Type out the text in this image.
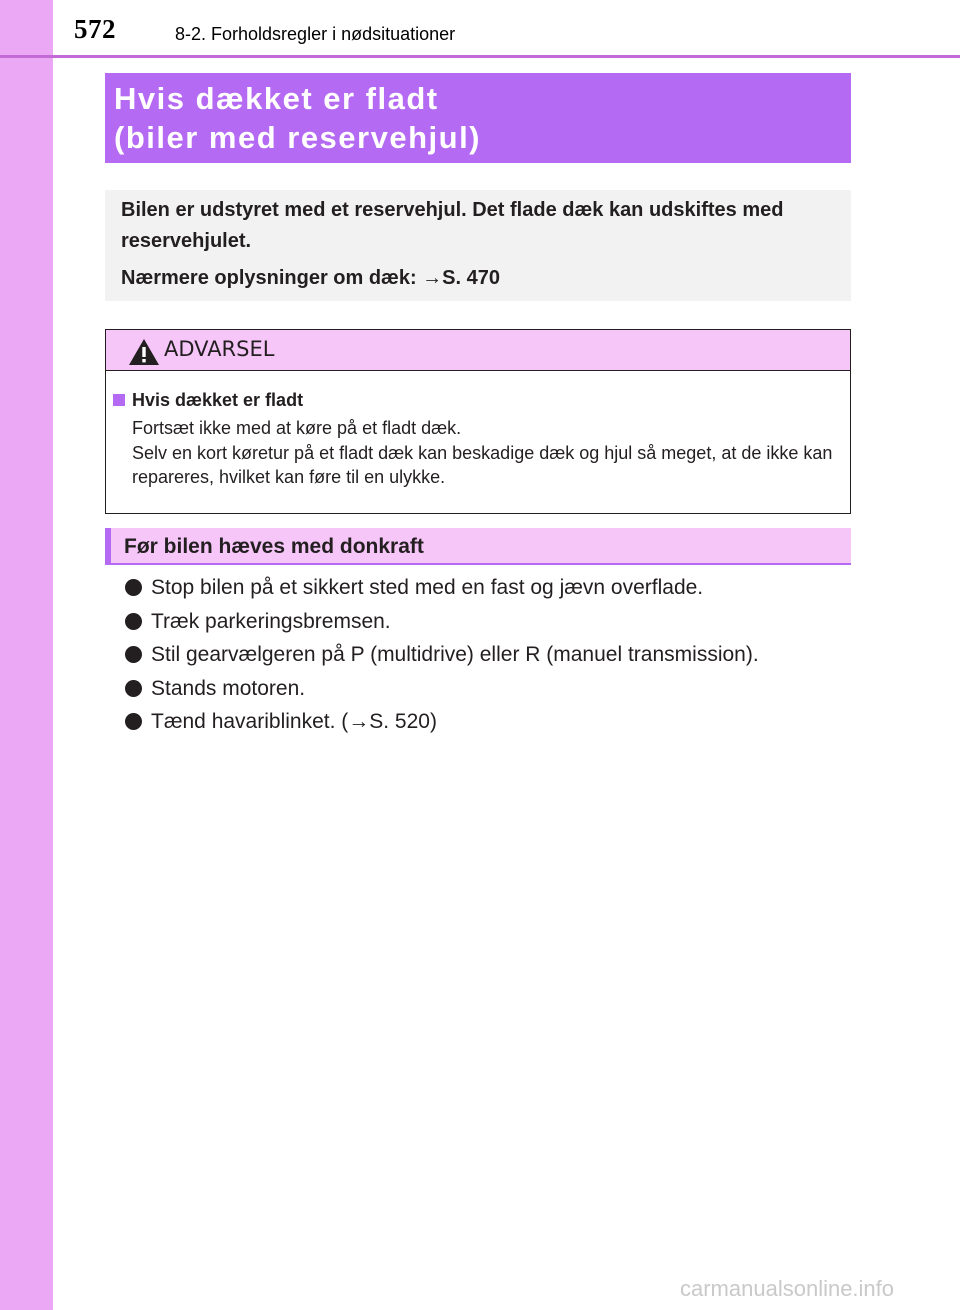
572	8-2. Forholdsregler i nødsituationer
Hvis dækket er fladt
(biler med reservehjul)
Bilen er udstyret med et reservehjul. Det flade dæk kan udskiftes med reservehjulet.
Nærmere oplysninger om dæk: →S. 470
ADVARSEL
Hvis dækket er fladt
Fortsæt ikke med at køre på et fladt dæk.
Selv en kort køretur på et fladt dæk kan beskadige dæk og hjul så meget, at de ikke kan repareres, hvilket kan føre til en ulykke.
Før bilen hæves med donkraft
Stop bilen på et sikkert sted med en fast og jævn overflade.
Træk parkeringsbremsen.
Stil gearvælgeren på P (multidrive) eller R (manuel transmission).
Stands motoren.
Tænd havariblinket. (→S. 520)
carmanualsonline.info
